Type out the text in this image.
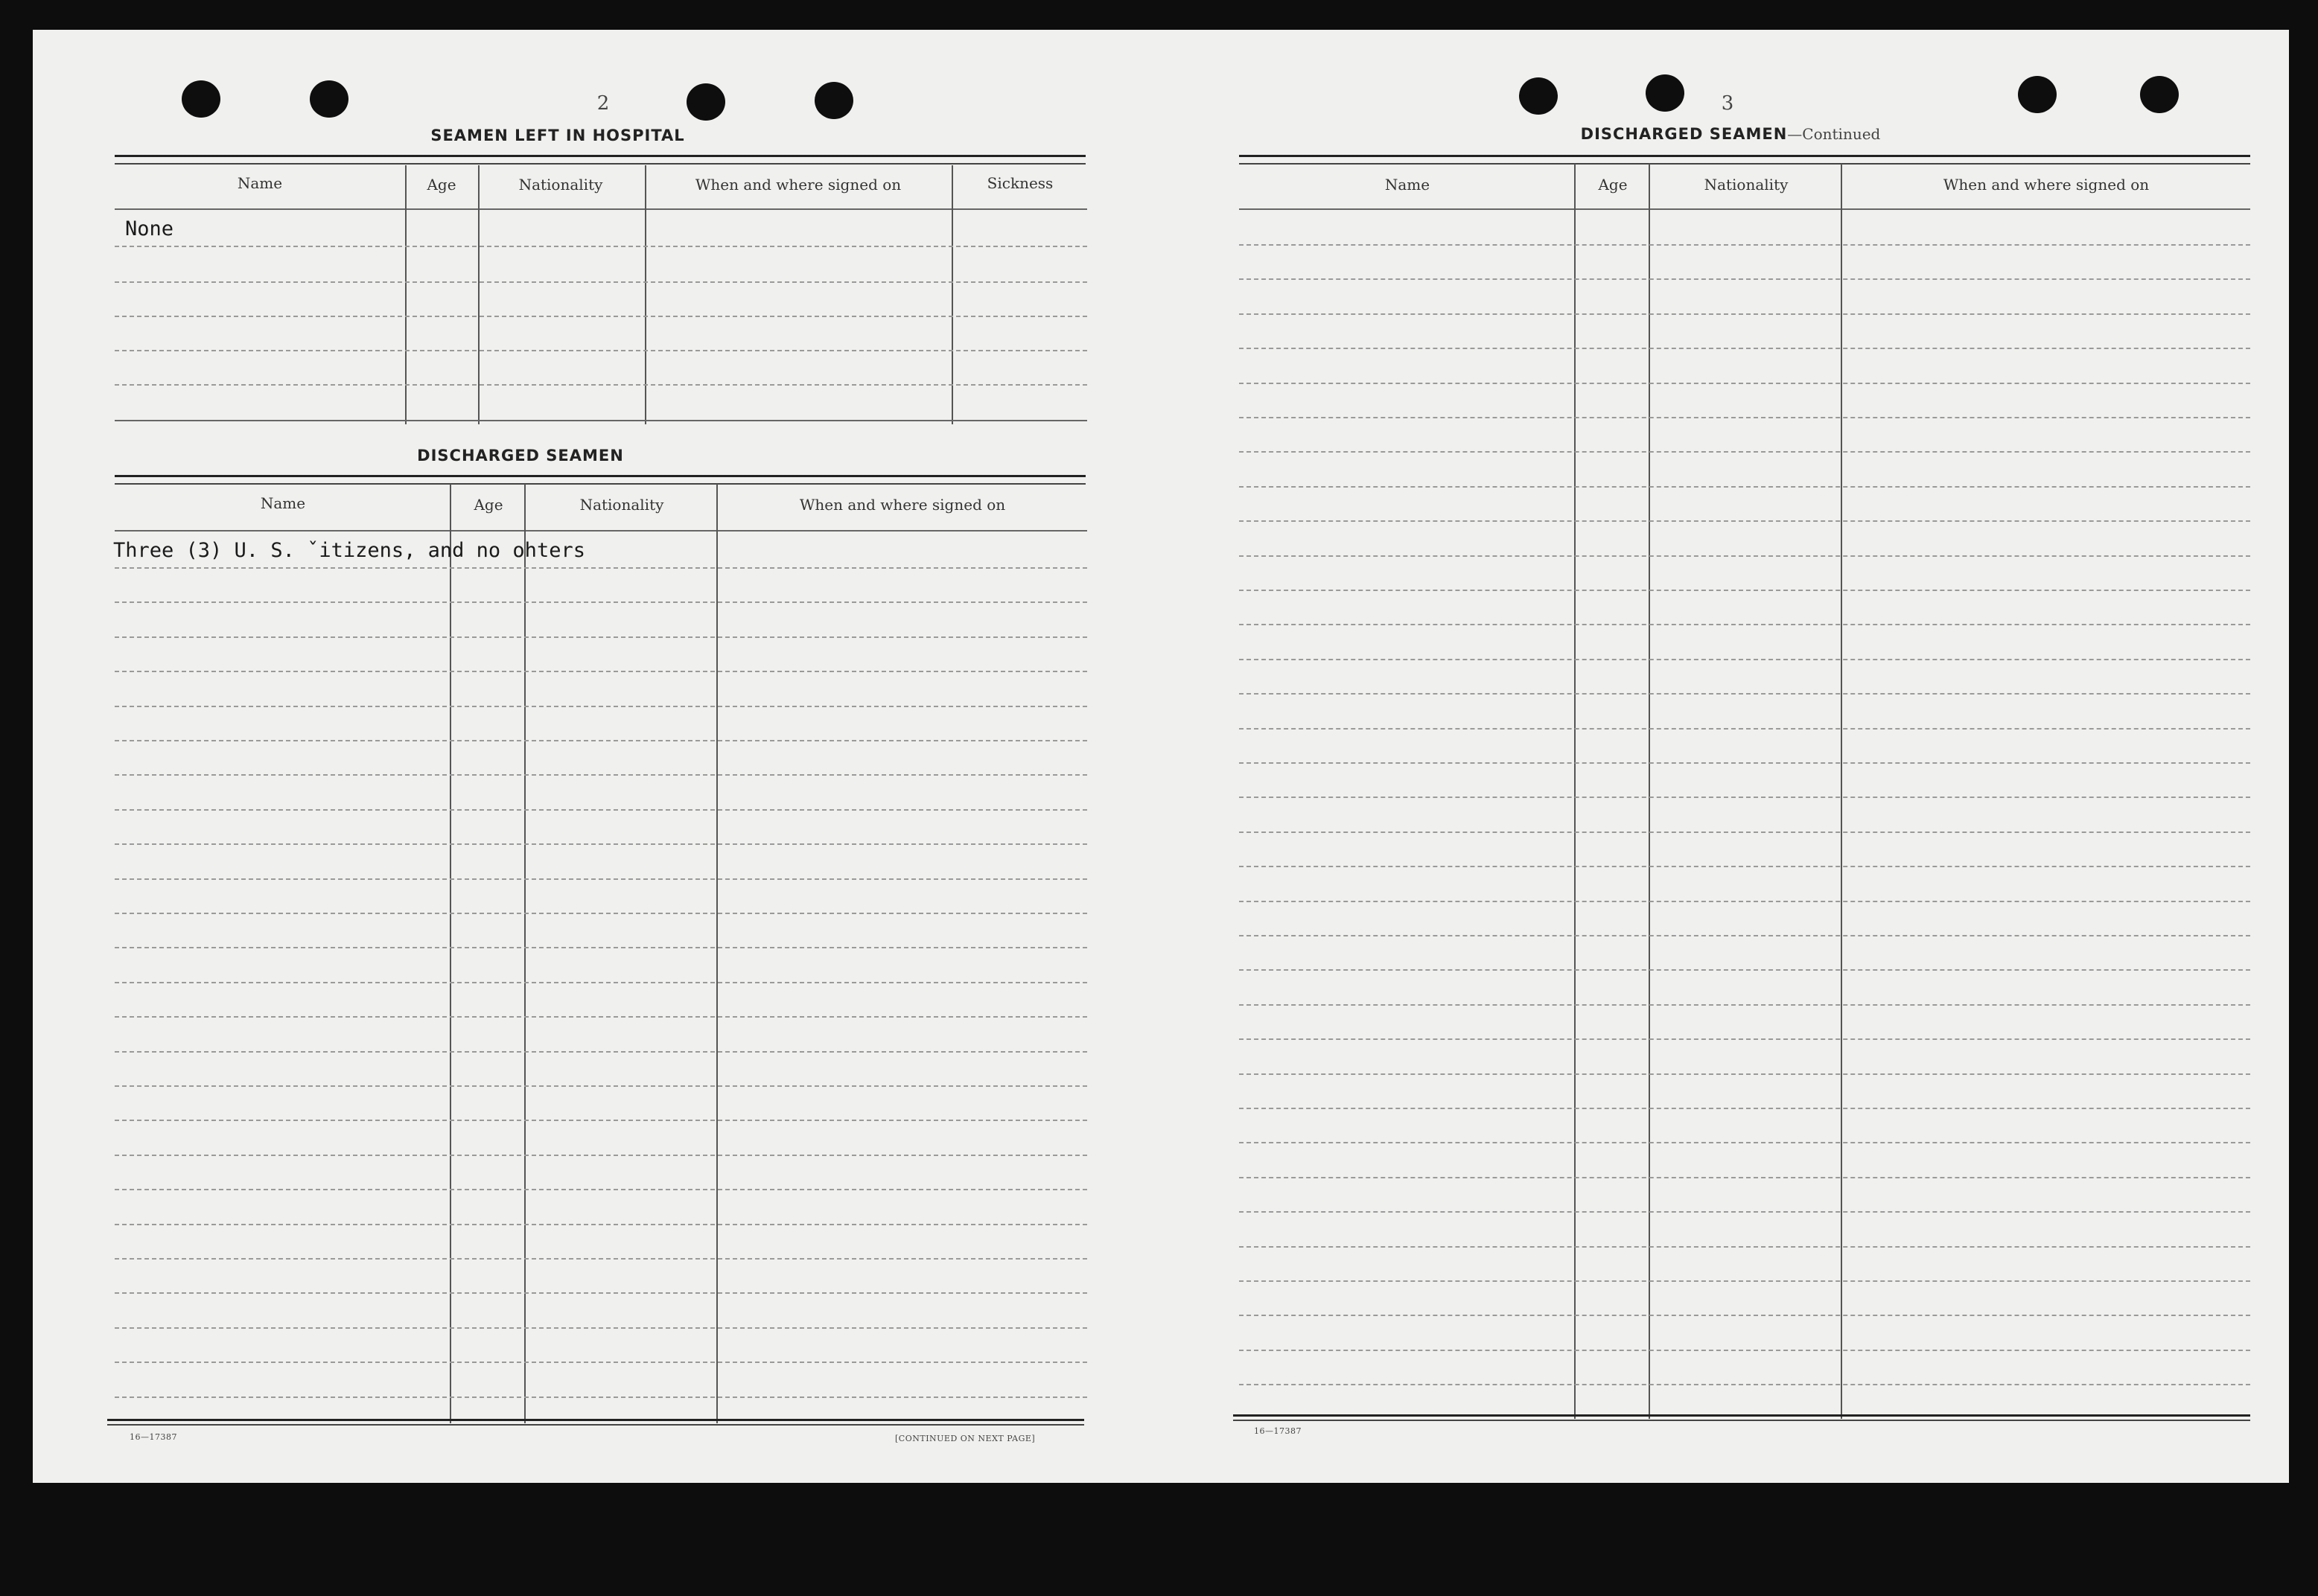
2
SEAMEN LEFT IN HOSPITAL
Name	Age	Nationality	When and where signed on	Sickness
None
DISCHARGED SEAMEN
Name	Age	Nationality	When and where signed on
Three (3) U. S. ˇitizens, and no ohters
16—17387	[CONTINUED ON NEXT PAGE]
3
DISCHARGED SEAMEN—Continued
Name	Age	Nationality	When and where signed on
16—17387
